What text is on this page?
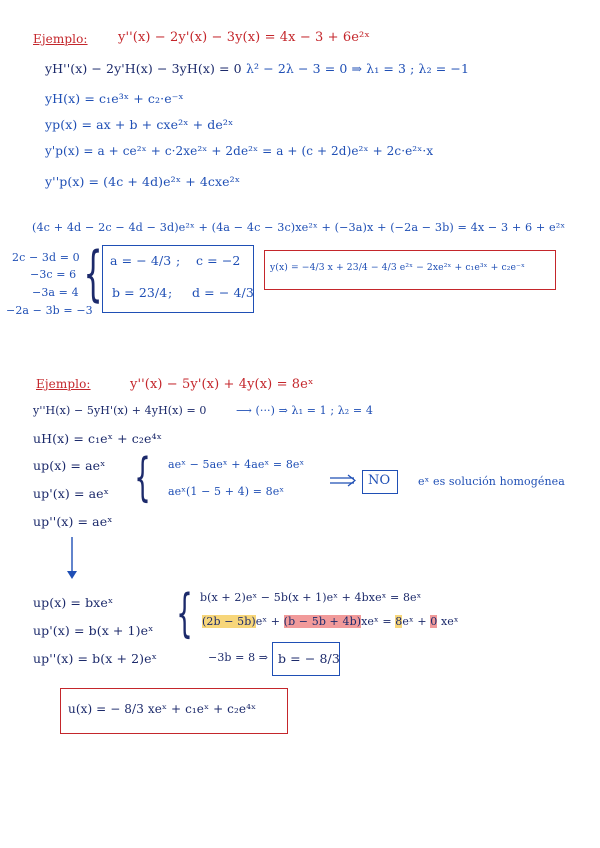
Ejemplo: y''(x) − 2y'(x) − 3y(x) = 4x − 3 + 6e²ˣ
yH''(x) − 2y'H(x) − 3yH(x) = 0 λ² − 2λ − 3 = 0 ⇒ λ₁ = 3 ; λ₂ = −1
yH(x) = c₁e³ˣ + c₂·e⁻ˣ
yp(x) = ax + b + cxe²ˣ + de²ˣ
y'p(x) = a + ce²ˣ + c·2xe²ˣ + 2de²ˣ = a + (c + 2d)e²ˣ + 2c·e²ˣ·x
y''p(x) = (4c + 4d)e²ˣ + 4cxe²ˣ
(4c + 4d − 2c − 4d − 3d)e²ˣ + (4a − 4c − 3c)xe²ˣ + (−3a)x + (−2a − 3b) = 4x − 3 + 6 + e²ˣ
2c − 3d = 0
−3c = 6
−3a = 4
−2a − 3b = −3
{ a = − 4/3 ; c = −2
b = 23/4 ; d = − 4/3
y(x) = −4/3 x + 23/4 − 4/3 e²ˣ − 2xe²ˣ + c₁e³ˣ + c₂e⁻ˣ
Ejemplo:	y''(x) − 5y'(x) + 4y(x) = 8eˣ
y''H(x) − 5yH'(x) + 4yH(x) = 0	⟶ (···) ⇒ λ₁ = 1 ; λ₂ = 4
uH(x) = c₁eˣ + c₂e⁴ˣ
up(x) = aeˣ
up'(x) = aeˣ
up''(x) = aeˣ
{ aeˣ − 5aeˣ + 4aeˣ = 8eˣ
aeˣ(1 − 5 + 4) = 8eˣ
NO	eˣ es solución homogénea
up(x) = bxeˣ
up'(x) = b(x + 1)eˣ
up''(x) = b(x + 2)eˣ
{ b(x + 2)eˣ − 5b(x + 1)eˣ + 4bxeˣ = 8eˣ
(2b − 5b)eˣ + (b − 5b + 4b)xeˣ = 8eˣ + 0 xeˣ
−3b = 8 ⇒ b = − 8/3
u(x) = − 8/3 xeˣ + c₁eˣ + c₂e⁴ˣ
